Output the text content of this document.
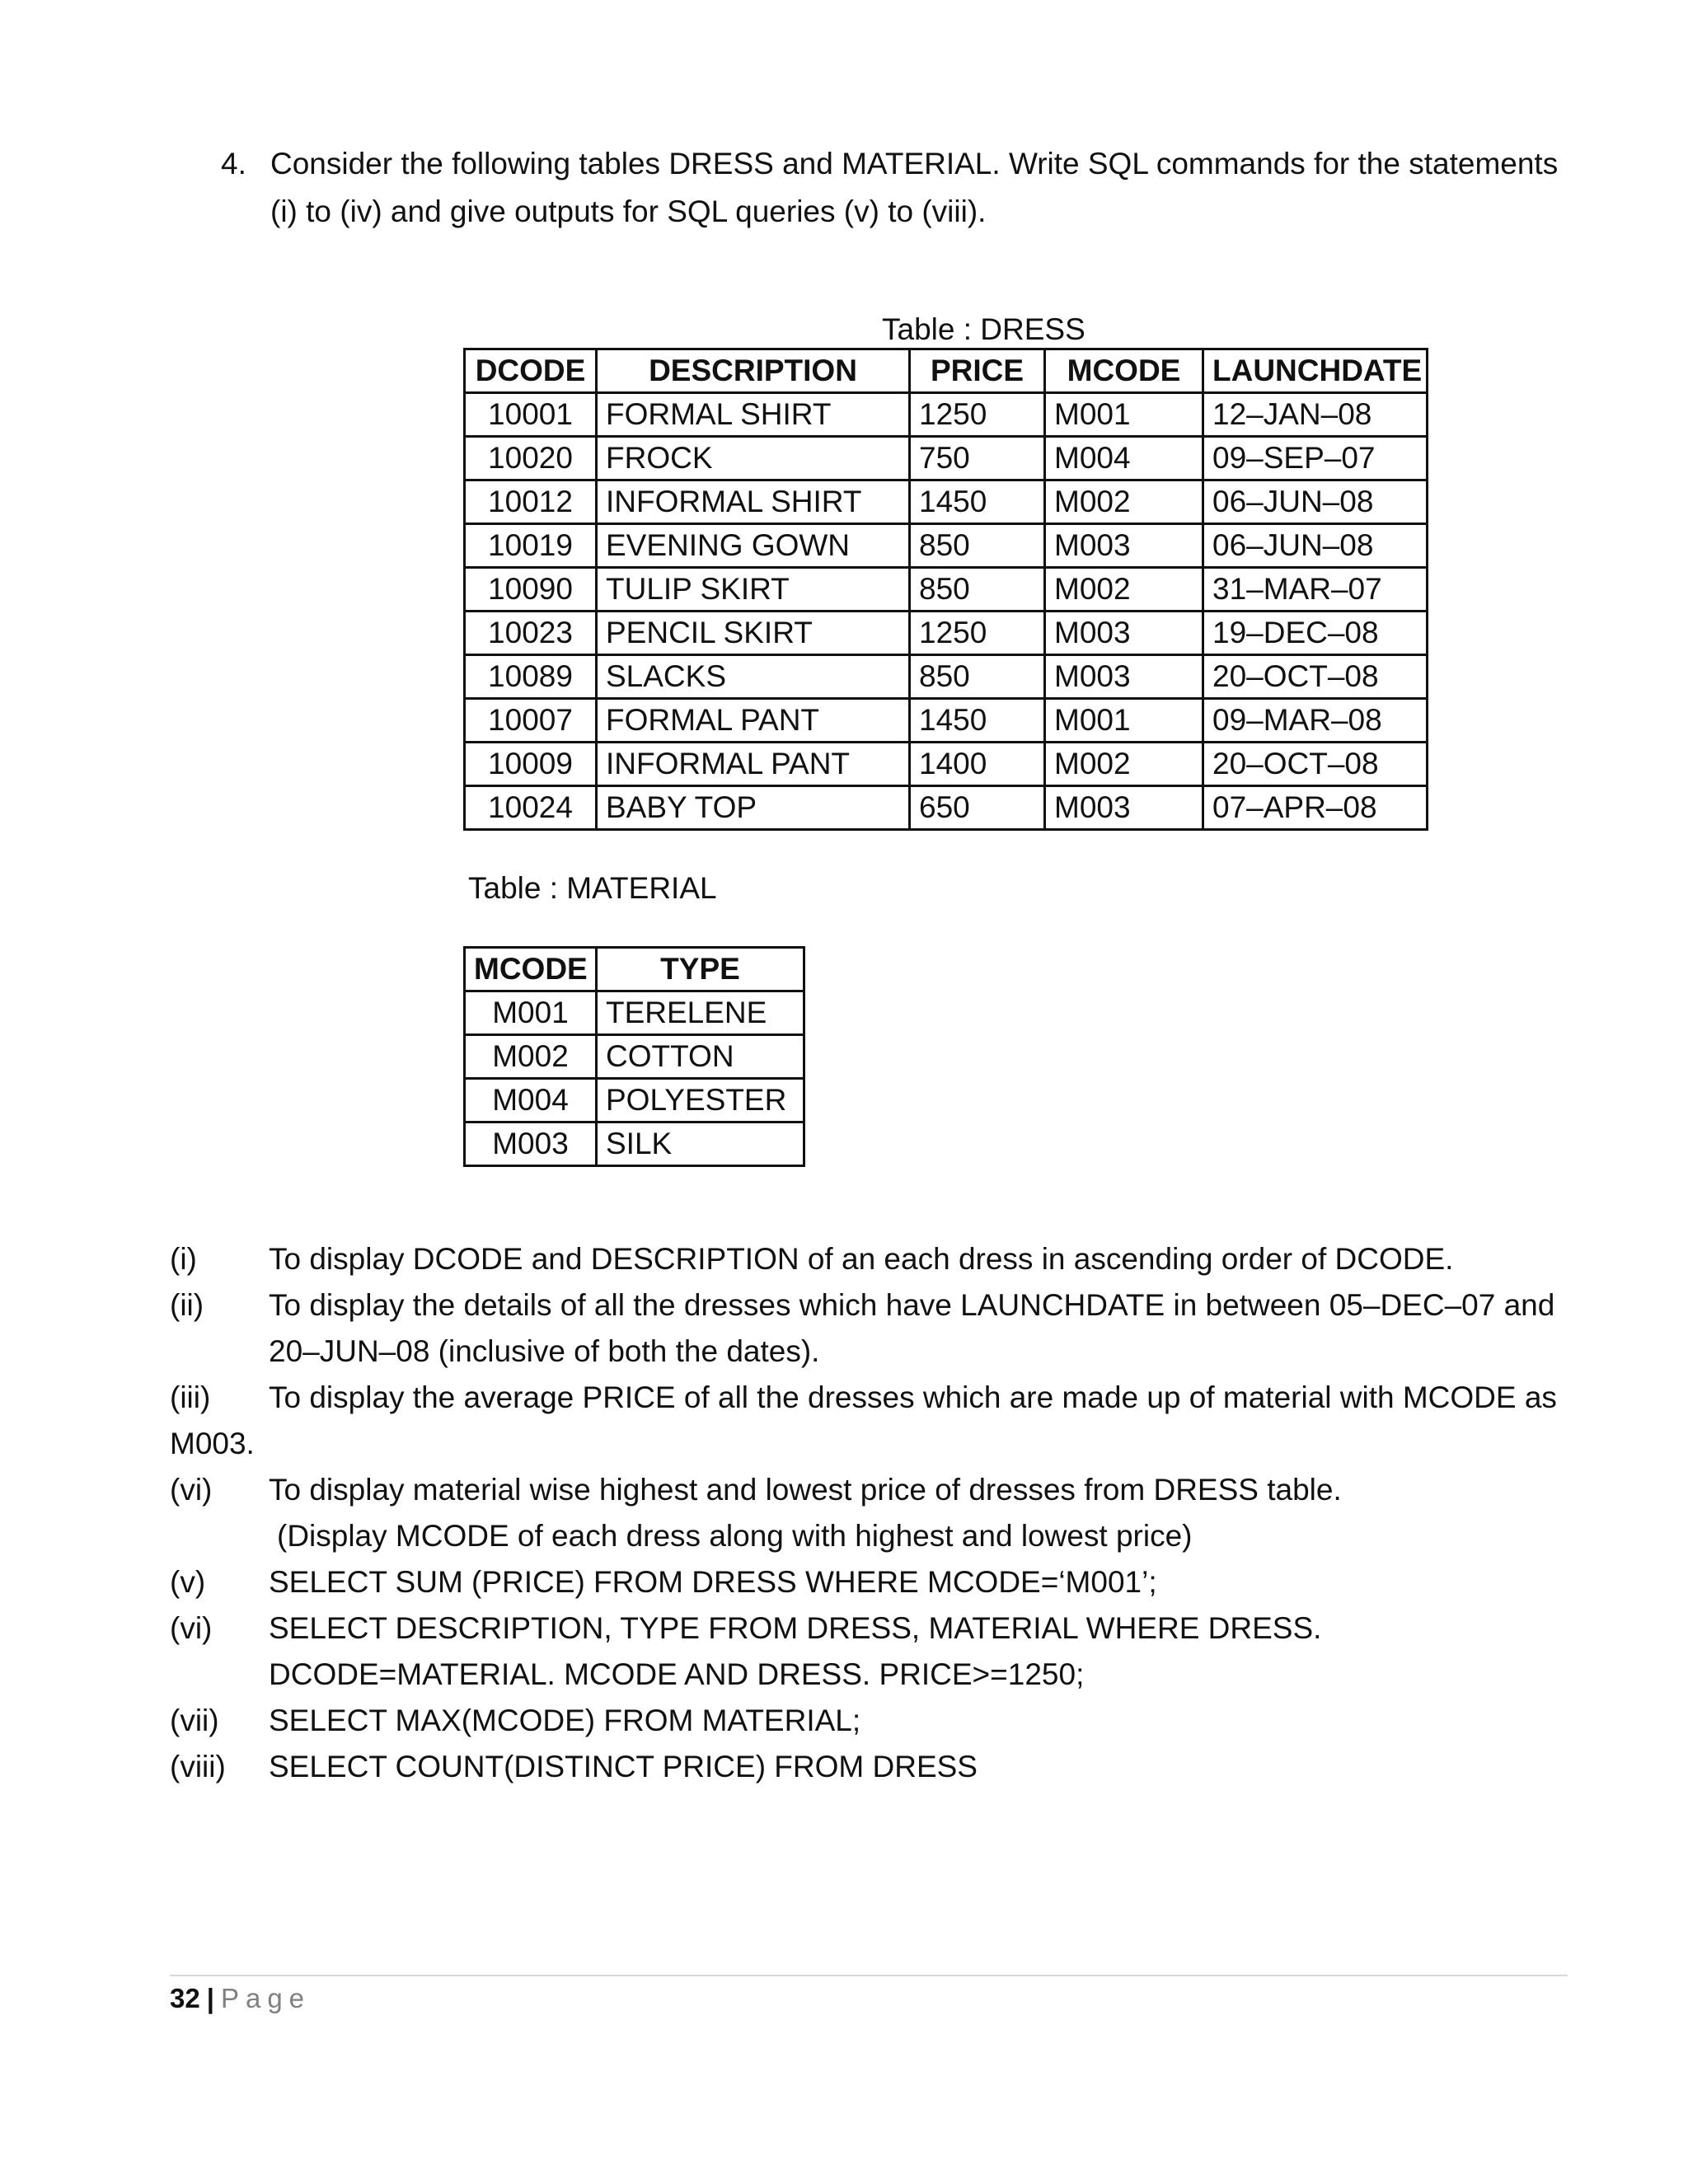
4. Consider the following tables DRESS and MATERIAL. Write SQL commands for the statements (i) to (iv) and give outputs for SQL queries (v) to (viii).
Table : DRESS
DCODE	DESCRIPTION	PRICE	MCODE	LAUNCHDATE
10001	FORMAL SHIRT	1250	M001	12–JAN–08
10020	FROCK	750	M004	09–SEP–07
10012	INFORMAL SHIRT	1450	M002	06–JUN–08
10019	EVENING GOWN	850	M003	06–JUN–08
10090	TULIP SKIRT	850	M002	31–MAR–07
10023	PENCIL SKIRT	1250	M003	19–DEC–08
10089	SLACKS	850	M003	20–OCT–08
10007	FORMAL PANT	1450	M001	09–MAR–08
10009	INFORMAL PANT	1400	M002	20–OCT–08
10024	BABY TOP	650	M003	07–APR–08
Table : MATERIAL
MCODE	TYPE
M001	TERELENE
M002	COTTON
M004	POLYESTER
M003	SILK
(i) To display DCODE and DESCRIPTION of an each dress in ascending order of DCODE.
(ii) To display the details of all the dresses which have LAUNCHDATE in between 05–DEC–07 and 20–JUN–08 (inclusive of both the dates).
(iii) To display the average PRICE of all the dresses which are made up of material with MCODE as
M003.
(vi) To display material wise highest and lowest price of dresses from DRESS table.
(Display MCODE of each dress along with highest and lowest price)
(v) SELECT SUM (PRICE) FROM DRESS WHERE MCODE=‘M001’;
(vi) SELECT DESCRIPTION, TYPE FROM DRESS, MATERIAL WHERE DRESS. DCODE=MATERIAL. MCODE AND DRESS. PRICE>=1250;
(vii) SELECT MAX(MCODE) FROM MATERIAL;
(viii) SELECT COUNT(DISTINCT PRICE) FROM DRESS
32 | Page
